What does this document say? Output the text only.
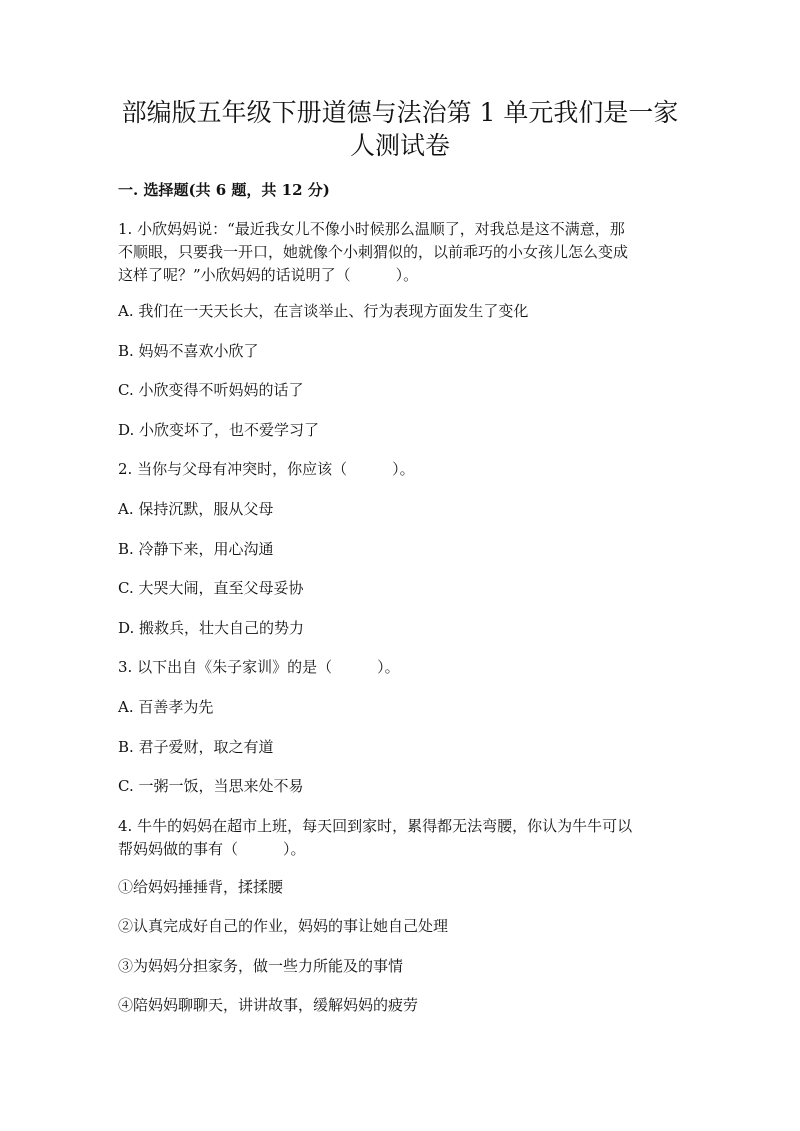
部编版五年级下册道德与法治第 1 单元我们是一家
人测试卷
一. 选择题(共 6 题，共 12 分)
1. 小欣妈妈说：“最近我女儿不像小时候那么温顺了，对我总是这不满意，那
不顺眼，只要我一开口，她就像个小刺猬似的，以前乖巧的小女孩儿怎么变成
这样了呢？”小欣妈妈的话说明了（　　　）。
A. 我们在一天天长大，在言谈举止、行为表现方面发生了变化
B. 妈妈不喜欢小欣了
C. 小欣变得不听妈妈的话了
D. 小欣变坏了，也不爱学习了
2. 当你与父母有冲突时，你应该（　　　）。
A. 保持沉默，服从父母
B. 冷静下来，用心沟通
C. 大哭大闹，直至父母妥协
D. 搬救兵，壮大自己的势力
3. 以下出自《朱子家训》的是（　　　）。
A. 百善孝为先
B. 君子爱财，取之有道
C. 一粥一饭，当思来处不易
4. 牛牛的妈妈在超市上班，每天回到家时，累得都无法弯腰，你认为牛牛可以
帮妈妈做的事有（　　　）。
①给妈妈捶捶背，揉揉腰
②认真完成好自己的作业，妈妈的事让她自己处理
③为妈妈分担家务，做一些力所能及的事情
④陪妈妈聊聊天，讲讲故事，缓解妈妈的疲劳
